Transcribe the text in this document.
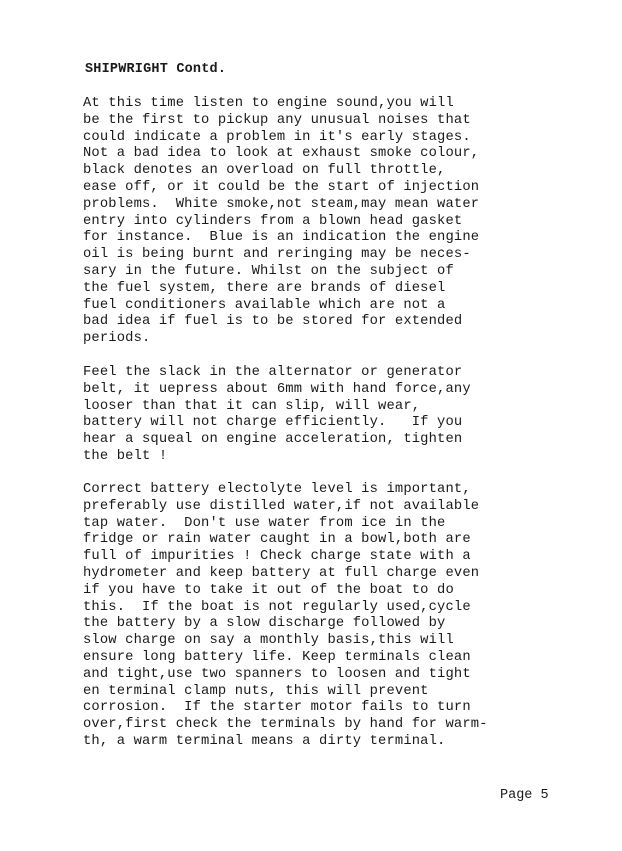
SHIPWRIGHT Contd.
At this time listen to engine sound,you will
be the first to pickup any unusual noises that
could indicate a problem in it's early stages.
Not a bad idea to look at exhaust smoke colour,
black denotes an overload on full throttle,
ease off, or it could be the start of injection
problems.  White smoke,not steam,may mean water
entry into cylinders from a blown head gasket
for instance.  Blue is an indication the engine
oil is being burnt and reringing may be neces-
sary in the future. Whilst on the subject of
the fuel system, there are brands of diesel
fuel conditioners available which are not a
bad idea if fuel is to be stored for extended
periods.
Feel the slack in the alternator or generator
belt, it uepress about 6mm with hand force,any
looser than that it can slip, will wear,
battery will not charge efficiently.   If you
hear a squeal on engine acceleration, tighten
the belt !
Correct battery electolyte level is important,
preferably use distilled water,if not available
tap water.  Don't use water from ice in the
fridge or rain water caught in a bowl,both are
full of impurities ! Check charge state with a
hydrometer and keep battery at full charge even
if you have to take it out of the boat to do
this.  If the boat is not regularly used,cycle
the battery by a slow discharge followed by
slow charge on say a monthly basis,this will
ensure long battery life. Keep terminals clean
and tight,use two spanners to loosen and tight
en terminal clamp nuts, this will prevent
corrosion.  If the starter motor fails to turn
over,first check the terminals by hand for warm-
th, a warm terminal means a dirty terminal.
Page 5
